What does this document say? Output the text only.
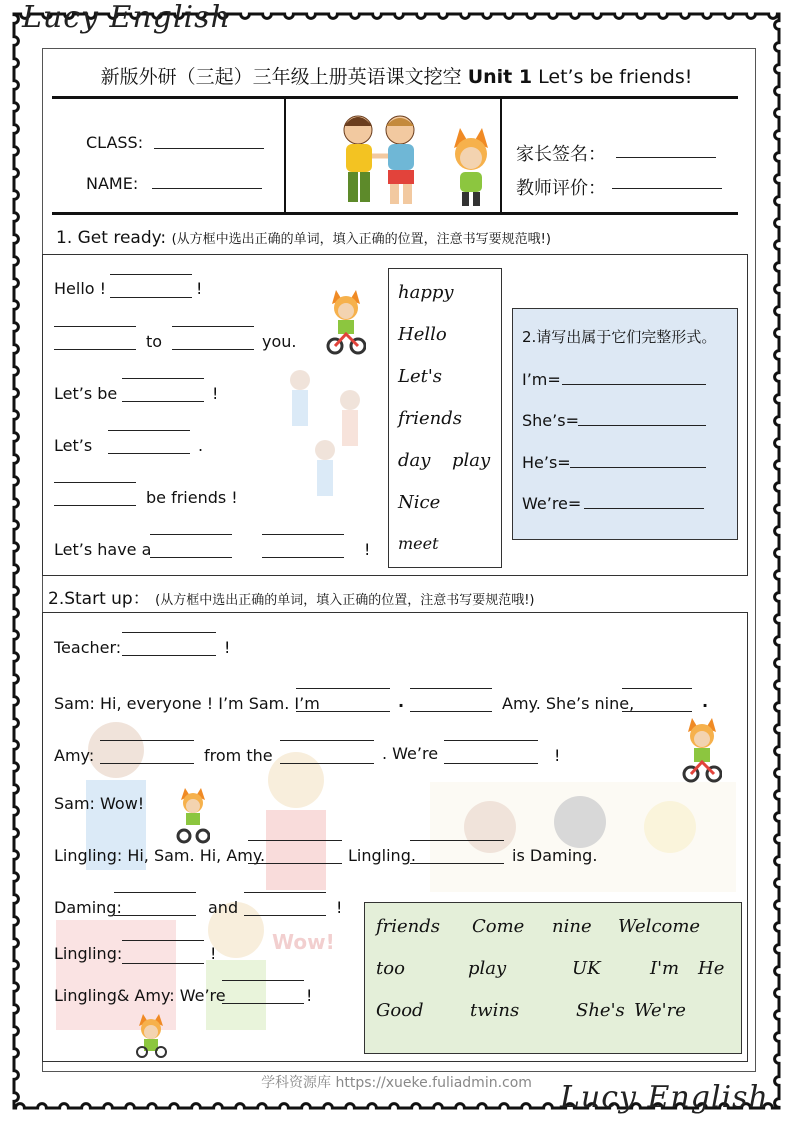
Lucy English
Lucy English
新版外研（三起）三年级上册英语课文挖空 Unit 1 Let’s be friends!
CLASS:
NAME:
家长签名：
教师评价：
1. Get ready: (从方框中选出正确的单词，填入正确的位置，注意书写要规范哦!)
Hello !	!
to	you.
Let’s be	!
Let’s	.
be friends !
Let’s have a	!
happy
Hello
Let's
friends
day play
Nice
meet
2.请写出属于它们完整形式。
I’m=
She’s=
He’s=
We’re=
2.Start up： (从方框中选出正确的单词，填入正确的位置，注意书写要规范哦!)
Wow!
Teacher:	!
Sam: Hi, everyone ! I’m Sam. I’m	.	Amy. She’s nine,	.
Amy:	from the	. We’re	!
Sam: Wow!
Lingling: Hi, Sam. Hi, Amy.	Lingling.	is Daming.
Daming:	and	!
Lingling:	!
Lingling& Amy: We’re	!
friends Come nine Welcome
too	play	UK	I'm He
Good	twins	She's We're
学科资源库 https://xueke.fuliadmin.com
